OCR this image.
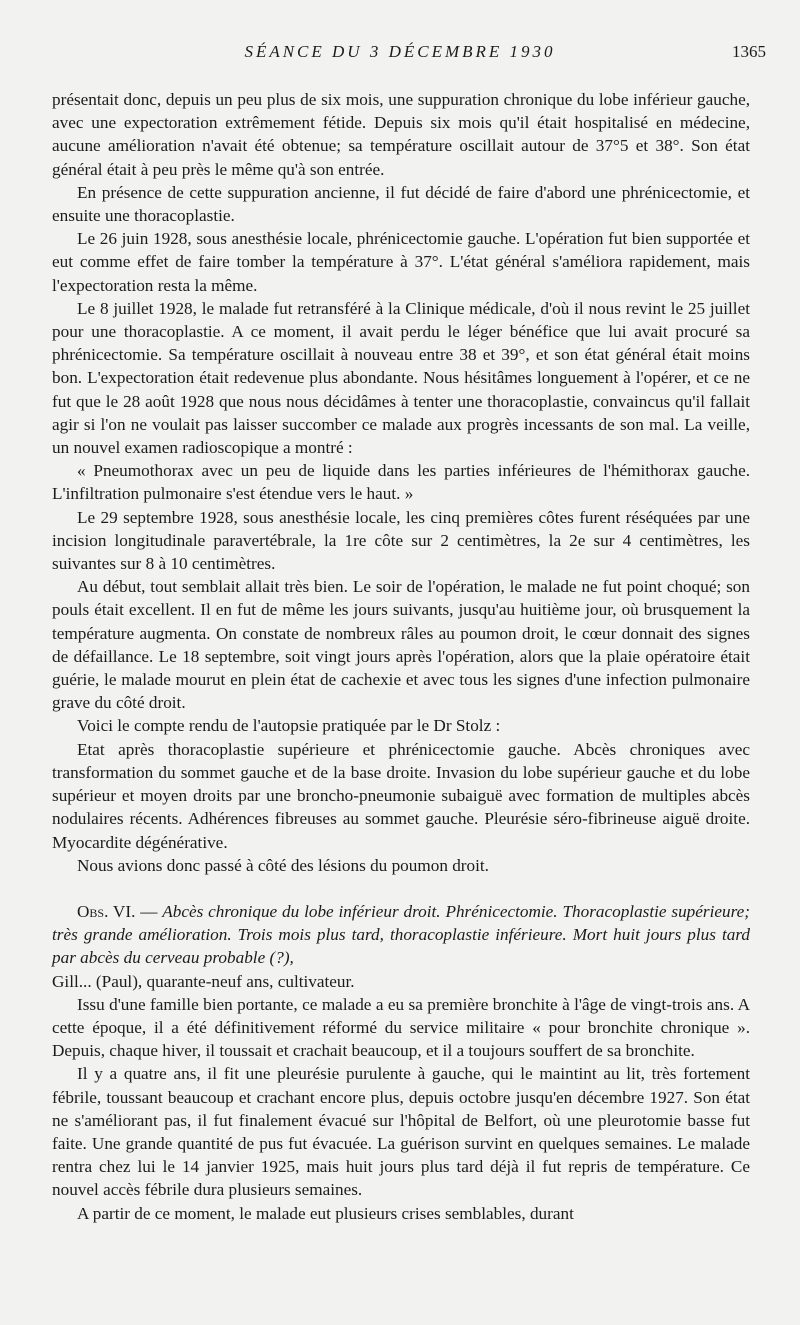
SÉANCE DU 3 DÉCEMBRE 1930	1365

présentait donc, depuis un peu plus de six mois, une suppuration chronique du lobe inférieur gauche, avec une expectoration extrêmement fétide. Depuis six mois qu'il était hospitalisé en médecine, aucune amélioration n'avait été obtenue; sa température oscillait autour de 37°5 et 38°. Son état général était à peu près le même qu'à son entrée.

En présence de cette suppuration ancienne, il fut décidé de faire d'abord une phrénicectomie, et ensuite une thoracoplastie.

Le 26 juin 1928, sous anesthésie locale, phrénicectomie gauche. L'opération fut bien supportée et eut comme effet de faire tomber la température à 37°. L'état général s'améliora rapidement, mais l'expectoration resta la même.

Le 8 juillet 1928, le malade fut retransféré à la Clinique médicale, d'où il nous revint le 25 juillet pour une thoracoplastie. A ce moment, il avait perdu le léger bénéfice que lui avait procuré sa phrénicectomie. Sa température oscillait à nouveau entre 38 et 39°, et son état général était moins bon. L'expectoration était redevenue plus abondante. Nous hésitâmes longuement à l'opérer, et ce ne fut que le 28 août 1928 que nous nous décidâmes à tenter une thoracoplastie, convaincus qu'il fallait agir si l'on ne voulait pas laisser succomber ce malade aux progrès incessants de son mal. La veille, un nouvel examen radioscopique a montré :

« Pneumothorax avec un peu de liquide dans les parties inférieures de l'hémithorax gauche. L'infiltration pulmonaire s'est étendue vers le haut. »

Le 29 septembre 1928, sous anesthésie locale, les cinq premières côtes furent réséquées par une incision longitudinale paravertébrale, la 1re côte sur 2 centimètres, la 2e sur 4 centimètres, les suivantes sur 8 à 10 centimètres.

Au début, tout semblait allait très bien. Le soir de l'opération, le malade ne fut point choqué; son pouls était excellent. Il en fut de même les jours suivants, jusqu'au huitième jour, où brusquement la température augmenta. On constate de nombreux râles au poumon droit, le cœur donnait des signes de défaillance. Le 18 septembre, soit vingt jours après l'opération, alors que la plaie opératoire était guérie, le malade mourut en plein état de cachexie et avec tous les signes d'une infection pulmonaire grave du côté droit.

Voici le compte rendu de l'autopsie pratiquée par le Dr Stolz :

Etat après thoracoplastie supérieure et phrénicectomie gauche. Abcès chroniques avec transformation du sommet gauche et de la base droite. Invasion du lobe supérieur gauche et du lobe supérieur et moyen droits par une broncho-pneumonie subaiguë avec formation de multiples abcès nodulaires récents. Adhérences fibreuses au sommet gauche. Pleurésie séro-fibrineuse aiguë droite. Myocardite dégénérative.

Nous avions donc passé à côté des lésions du poumon droit.

Obs. VI. — Abcès chronique du lobe inférieur droit. Phrénicectomie. Thoracoplastie supérieure; très grande amélioration. Trois mois plus tard, thoracoplastie inférieure. Mort huit jours plus tard par abcès du cerveau probable (?),

Gill... (Paul), quarante-neuf ans, cultivateur.

Issu d'une famille bien portante, ce malade a eu sa première bronchite à l'âge de vingt-trois ans. A cette époque, il a été définitivement réformé du service militaire « pour bronchite chronique ». Depuis, chaque hiver, il toussait et crachait beaucoup, et il a toujours souffert de sa bronchite.

Il y a quatre ans, il fit une pleurésie purulente à gauche, qui le maintint au lit, très fortement fébrile, toussant beaucoup et crachant encore plus, depuis octobre jusqu'en décembre 1927. Son état ne s'améliorant pas, il fut finalement évacué sur l'hôpital de Belfort, où une pleurotomie basse fut faite. Une grande quantité de pus fut évacuée. La guérison survint en quelques semaines. Le malade rentra chez lui le 14 janvier 1925, mais huit jours plus tard déjà il fut repris de température. Ce nouvel accès fébrile dura plusieurs semaines.

A partir de ce moment, le malade eut plusieurs crises semblables, durant
